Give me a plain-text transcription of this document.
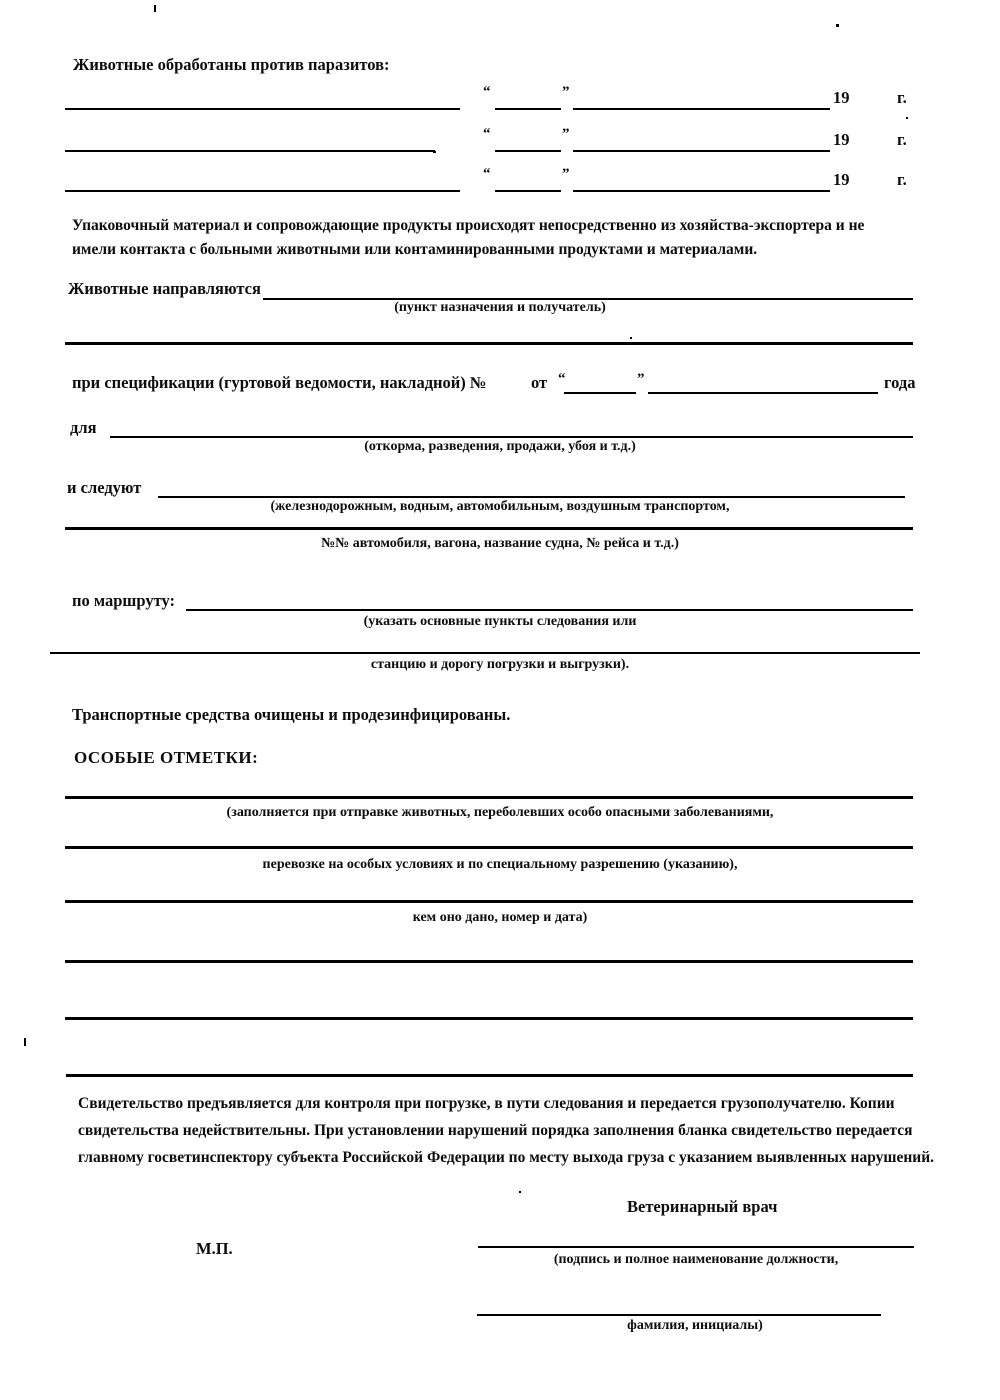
Животные обработаны против паразитов:
“	”	19	г.
“	”	19	г.
“	”	19	г.
Упаковочный материал и сопровождающие продукты происходят непосредственно из хозяйства-экспортера и не
имели контакта с больными животными или контаминированными продуктами и материалами.
Животные направляются
(пункт назначения и получатель)
при спецификации (гуртовой ведомости, накладной) №	от “	”	года
для
(откорма, разведения, продажи, убоя и т.д.)
и следуют
(железнодорожным, водным, автомобильным, воздушным транспортом,
№№ автомобиля, вагона, название судна, № рейса и т.д.)
по маршруту:
(указать основные пункты следования или
станцию и дорогу погрузки и выгрузки).
Транспортные средства очищены и продезинфицированы.
ОСОБЫЕ ОТМЕТКИ:
(заполняется при отправке животных, переболевших особо опасными заболеваниями,
перевозке на особых условиях и по специальному разрешению (указанию),
кем оно дано, номер и дата)
Свидетельство предъявляется для контроля при погрузке, в пути следования и передается грузополучателю. Копии
свидетельства недействительны. При установлении нарушений порядка заполнения бланка свидетельство передается
главному госветинспектору субъекта Российской Федерации по месту выхода груза с указанием выявленных нарушений.
Ветеринарный врач
М.П.
(подпись и полное наименование должности,
фамилия, инициалы)
